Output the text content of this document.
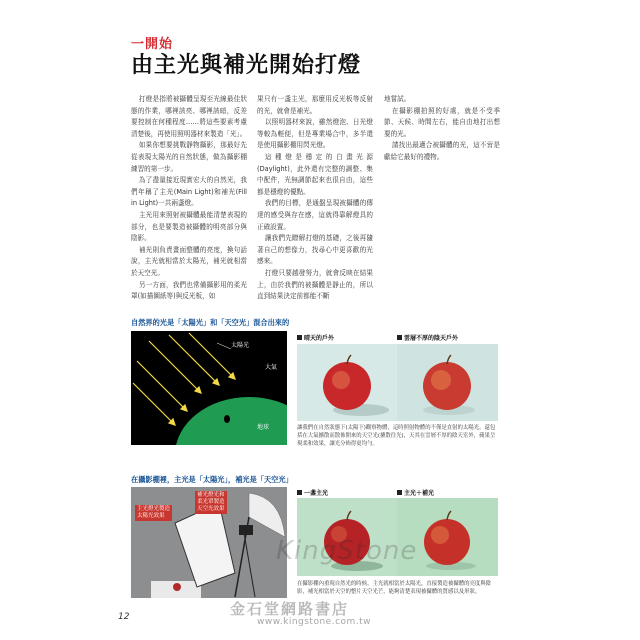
一開始
由主光與補光開始打燈

打燈是指將被攝體呈現至光線最佳狀態的作業，哪裡該亮、哪裡該暗，反差要控制在何種程度……將這些要素考慮清楚後，再使用照明器材來製造「光」。

如果你想要挑戰靜物攝影，那最好先從表現太陽光的自然狀態，做為攝影棚練習的第一步。

為了盡量接近現實宏大的自然光，我們年稱了主光(Main Light)和補光(Fill in Light)一共兩盞燈。

主光用來照射被攝體最能清楚表現的部分，也是要製造被攝體的明亮部分與陰影。

補光則負責畫面整體的亮度，換句話說，主光就相當於太陽光，補光就相當於天空光。

另一方面，我們也常備攝影用的柔光罩(如描圖紙等)與反光板，如

果只有一盞主光，那麼用反光板等反射的光，就會是補光。

以照明器材來說，雖然燈泡、日光燈等較為輕便，但是專業場合中，多半還是使用攝影棚用閃光燈。

這種燈是穩定的白畫光源(Daylight)，此外還有完整的調整、集中配件，光無調節起來也很自由，這些都是穩燈的優點。

我們的目標，是通盤呈現被攝體的傳達的感受與存在感，這就得靠解燈具的正確設置。

讓我們先瞭解打燈的基礎，之後再隨著自己的想像力，找尋心中更喜歡的光感來。

打燈只要越發努力，就會反映在結果上，由於我們的被攝體是靜止的，所以直到結果決定前都能不斷

地嘗試。

在攝影棚拍照的好處，就是不受季節、天候、時間左右，能自由地打出想要的光。

請找出最適合被攝體的光，這不啻是獻給它最好的禮物。

自然界的光是「太陽光」和「天空光」混合出來的
太陽光
大氣
地球
晴天的戶外	雲層不厚的陰天戶外
讓我們在自然狀態下(太陽下)觀察物體，這時照射物體的不僅是直射的太陽光，還包括在大氣擴散而散佈開來的天空光(擴散往光)，天其在雲層不厚的陰天室外，蘋果呈現柔和效果，讓光分佈得更均勻。
在攝影棚裡，主光是「太陽光」，補光是「天空光」
補光燈光和
柔光罩製造
天空光效果
主光燈光製造
太陽光效果
一盞主光	主光＋補光
在攝影棚內重現自然光的時候，主光就相當於太陽光，直接製造被攝體的亮度與陰影，補光相當於天空的整片天空光芒，能夠清楚表現被攝體的質感以及形狀。
12
KingStone
金石堂網路書店
www.kingstone.com.tw
